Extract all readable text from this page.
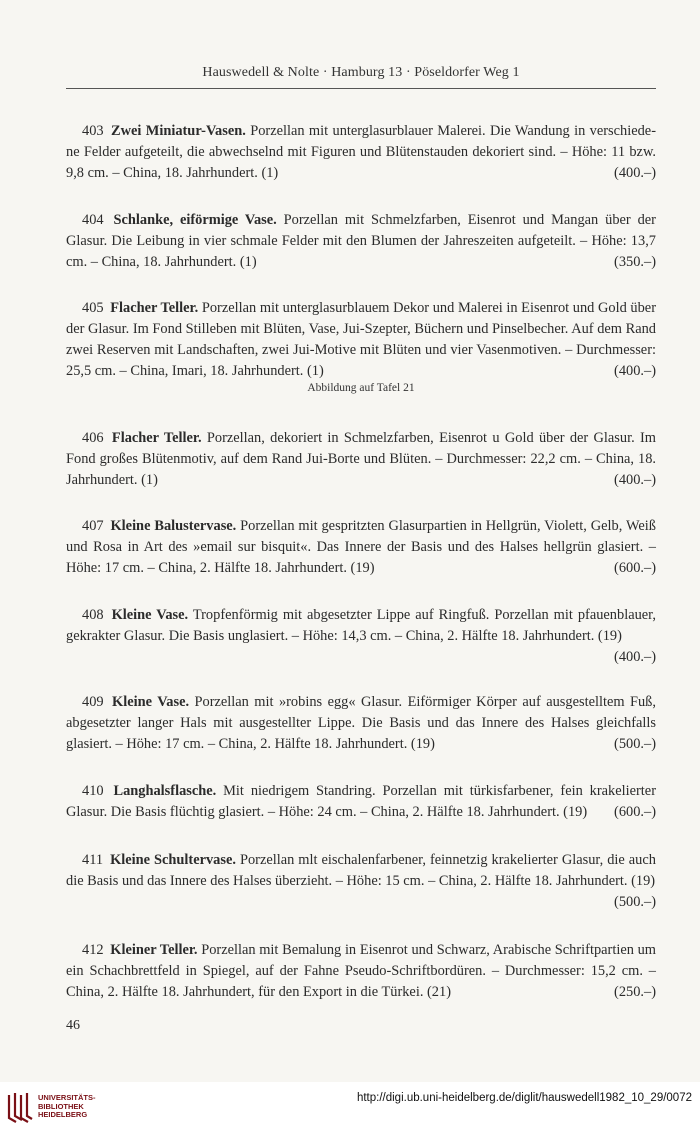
Hauswedell & Nolte · Hamburg 13 · Pöseldorfer Weg 1
403 Zwei Miniatur-Vasen. Porzellan mit unterglasurblauer Malerei. Die Wandung in verschiedene Felder aufgeteilt, die abwechselnd mit Figuren und Blütenstauden dekoriert sind. – Höhe: 11 bzw. 9,8 cm. – China, 18. Jahrhundert. (1)	(400.–)
404 Schlanke, eiförmige Vase. Porzellan mit Schmelzfarben, Eisenrot und Mangan über der Glasur. Die Leibung in vier schmale Felder mit den Blumen der Jahreszeiten aufgeteilt. – Höhe: 13,7 cm. – China, 18. Jahrhundert. (1)	(350.–)
405 Flacher Teller. Porzellan mit unterglasurblauem Dekor und Malerei in Eisenrot und Gold über der Glasur. Im Fond Stilleben mit Blüten, Vase, Jui-Szepter, Büchern und Pinselbecher. Auf dem Rand zwei Reserven mit Landschaften, zwei Jui-Motive mit Blüten und vier Vasenmotiven. – Durchmesser: 25,5 cm. – China, Imari, 18. Jahrhundert. (1)	(400.–)
Abbildung auf Tafel 21
406 Flacher Teller. Porzellan, dekoriert in Schmelzfarben, Eisenrot u Gold über der Glasur. Im Fond großes Blütenmotiv, auf dem Rand Jui-Borte und Blüten. – Durchmesser: 22,2 cm. – China, 18. Jahrhundert. (1)	(400.–)
407 Kleine Balustervase. Porzellan mit gespritzten Glasurpartien in Hellgrün, Violett, Gelb, Weiß und Rosa in Art des »email sur bisquit«. Das Innere der Basis und des Halses hellgrün glasiert. – Höhe: 17 cm. – China, 2. Hälfte 18. Jahrhundert. (19)	(600.–)
408 Kleine Vase. Tropfenförmig mit abgesetzter Lippe auf Ringfuß. Porzellan mit pfauenblauer, gekrakter Glasur. Die Basis unglasiert. – Höhe: 14,3 cm. – China, 2. Hälfte 18. Jahrhundert. (19)
(400.–)
409 Kleine Vase. Porzellan mit »robins egg« Glasur. Eiförmiger Körper auf ausgestelltem Fuß, abgesetzter langer Hals mit ausgestellter Lippe. Die Basis und das Innere des Halses gleichfalls glasiert. – Höhe: 17 cm. – China, 2. Hälfte 18. Jahrhundert. (19)	(500.–)
410 Langhalsflasche. Mit niedrigem Standring. Porzellan mit türkisfarbener, fein krakelierter Glasur. Die Basis flüchtig glasiert. – Höhe: 24 cm. – China, 2. Hälfte 18. Jahrhundert. (19) (600.–)
411 Kleine Schultervase. Porzellan mlt eischalenfarbener, feinnetzig krakelierter Glasur, die auch die Basis und das Innere des Halses überzieht. – Höhe: 15 cm. – China, 2. Hälfte 18. Jahrhundert. (19)
(500.–)
412 Kleiner Teller. Porzellan mit Bemalung in Eisenrot und Schwarz, Arabische Schriftpartien um ein Schachbrettfeld in Spiegel, auf der Fahne Pseudo-Schriftbordüren. – Durchmesser: 15,2 cm. – China, 2. Hälfte 18. Jahrhundert, für den Export in die Türkei. (21)	(250.–)
46
UNIVERSITÄTS-
BIBLIOTHEK
HEIDELBERG
http://digi.ub.uni-heidelberg.de/diglit/hauswedell1982_10_29/0072
